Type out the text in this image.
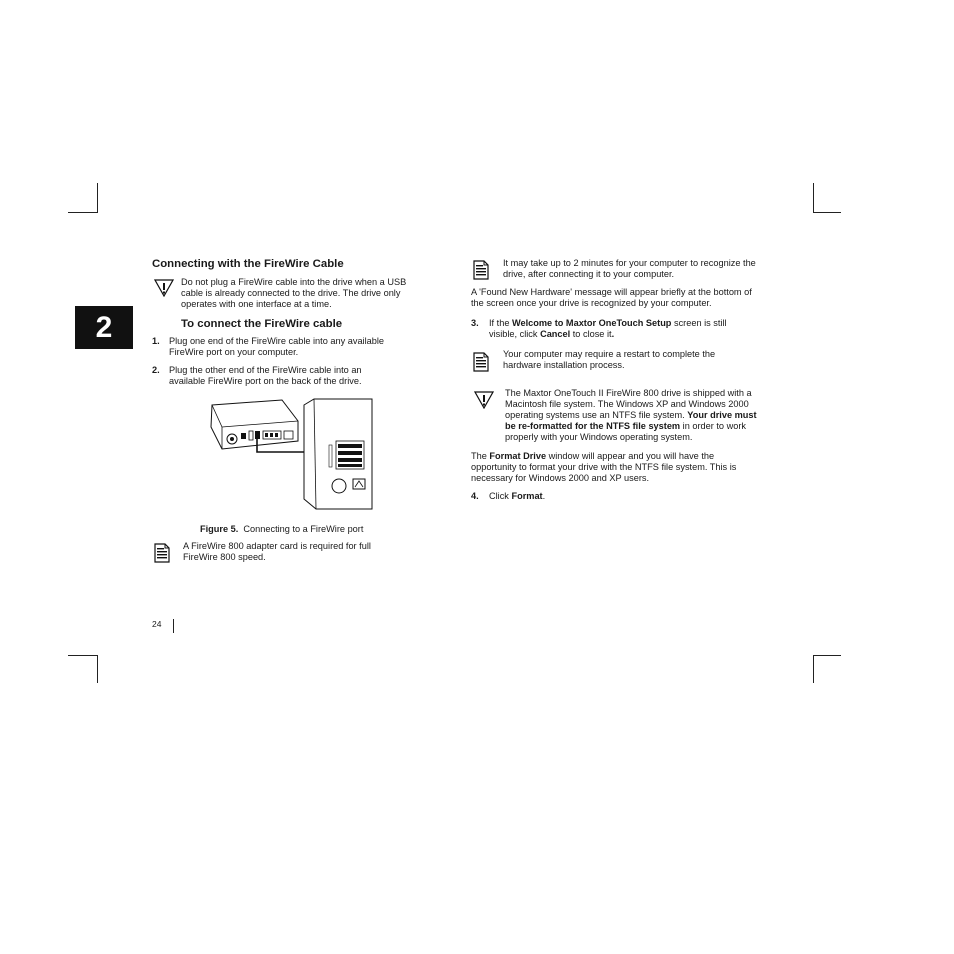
2
Connecting with the FireWire Cable
Do not plug a FireWire cable into the drive when a USB cable is already connected to the drive. The drive only operates with one interface at a time.
To connect the FireWire cable
1. Plug one end of the FireWire cable into any available FireWire port on your computer.
2. Plug the other end of the FireWire cable into an available FireWire port on the back of the drive.
Figure 5. Connecting to a FireWire port
A FireWire 800 adapter card is required for full FireWire 800 speed.
24
It may take up to 2 minutes for your computer to recognize the drive, after connecting it to your computer.
A 'Found New Hardware' message will appear briefly at the bottom of the screen once your drive is recognized by your computer.
3. If the Welcome to Maxtor OneTouch Setup screen is still visible, click Cancel to close it.
Your computer may require a restart to complete the hardware installation process.
The Maxtor OneTouch II FireWire 800 drive is shipped with a Macintosh file system. The Windows XP and Windows 2000 operating systems use an NTFS file system. Your drive must be re-formatted for the NTFS file system in order to work properly with your Windows operating system.
The Format Drive window will appear and you will have the opportunity to format your drive with the NTFS file system. This is necessary for Windows 2000 and XP users.
4. Click Format.
